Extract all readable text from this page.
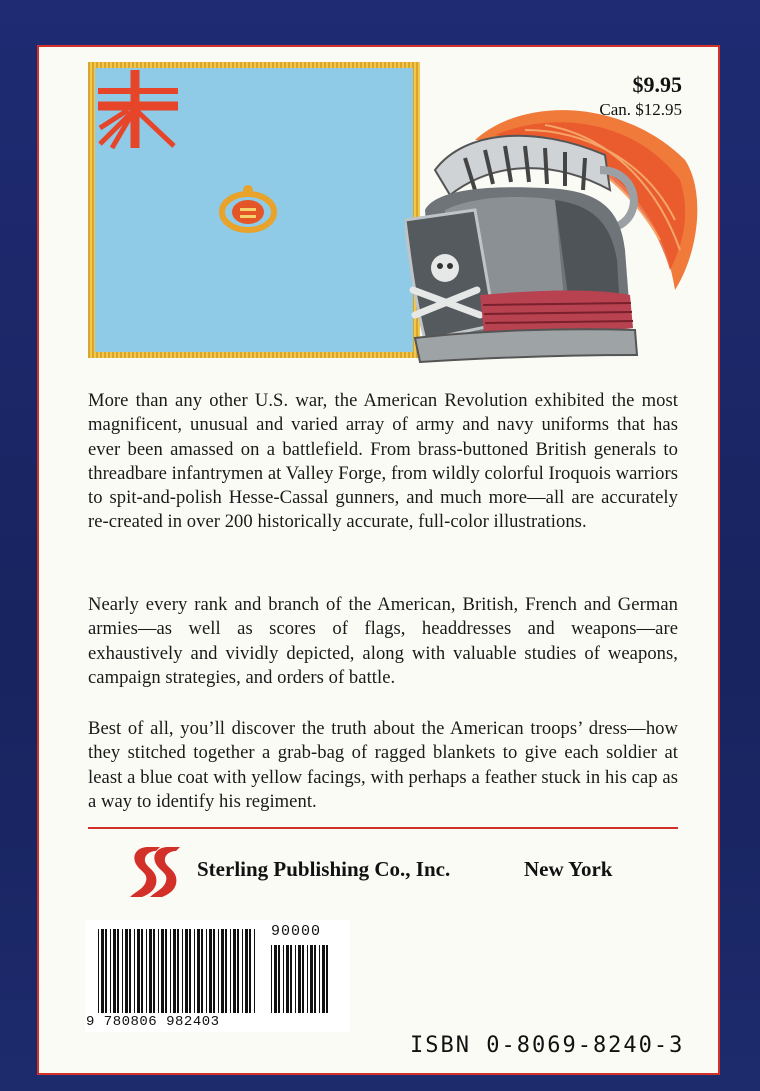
$9.95
Can. $12.95
More than any other U.S. war, the American Revolution exhibited the most magnificent, unusual and varied array of army and navy uniforms that has ever been amassed on a battlefield. From brass-buttoned British generals to threadbare infantrymen at Valley Forge, from wildly colorful Iroquois warriors to spit-and-polish Hesse-Cassal gunners, and much more—all are accurately re-created in over 200 historically accurate, full-color illustrations.
Nearly every rank and branch of the American, British, French and German armies—as well as scores of flags, headdresses and weapons—are exhaustively and vividly depicted, along with valuable studies of weapons, campaign strategies, and orders of battle.
Best of all, you’ll discover the truth about the American troops’ dress—how they stitched together a grab-bag of ragged blankets to give each soldier at least a blue coat with yellow facings, with perhaps a feather stuck in his cap as a way to identify his regiment.
Sterling Publishing Co., Inc.	New York
90000
9 780806 982403
ISBN 0-8069-8240-3
